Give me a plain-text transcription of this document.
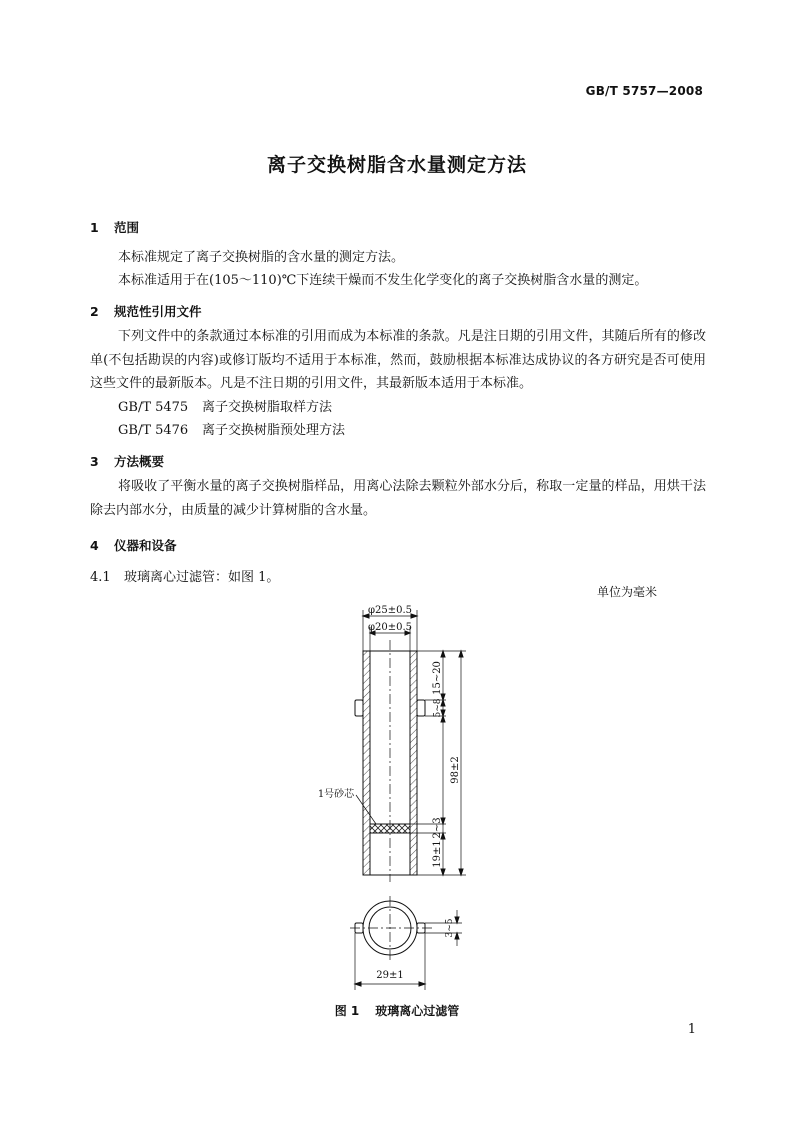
GB/T 5757—2008
离子交换树脂含水量测定方法
1 范围
本标准规定了离子交换树脂的含水量的测定方法。
本标准适用于在(105～110)℃下连续干燥而不发生化学变化的离子交换树脂含水量的测定。
2 规范性引用文件
下列文件中的条款通过本标准的引用而成为本标准的条款。凡是注日期的引用文件，其随后所有的修改单(不包括勘误的内容)或修订版均不适用于本标准，然而，鼓励根据本标准达成协议的各方研究是否可使用这些文件的最新版本。凡是不注日期的引用文件，其最新版本适用于本标准。
GB/T 5475 离子交换树脂取样方法
GB/T 5476 离子交换树脂预处理方法
3 方法概要
将吸收了平衡水量的离子交换树脂样品，用离心法除去颗粒外部水分后，称取一定量的样品，用烘干法除去内部水分，由质量的减少计算树脂的含水量。
4 仪器和设备
4.1 玻璃离心过滤管：如图 1。
单位为毫米
φ25±0.5
φ20±0.5
1号砂芯
29±1
15~20
5~8
98±2
2~3
19±1
3~5
图 1 玻璃离心过滤管
1
